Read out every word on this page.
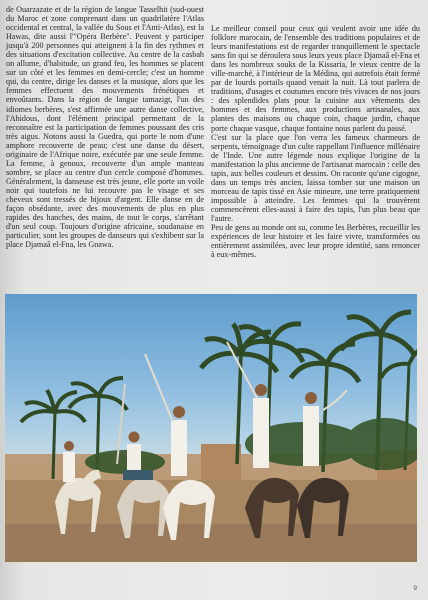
de Ouarzazate et de la région de langue Tasselhit (sud-ouest du Maroc et zone comprenant dans un quadrilatère l'Atlas occidental et central, la vallée du Sous et l'Anti-Atlas), est la Hawas, dite aussi l'"Opéra Berbère". Peuvent y participer jusqu'à 200 personnes qui atteignent à la fin des rythmes et des situations d'excitation collective. Au centre de la casbah on allume, d'habitude, un grand feu, les hommes se placent sur un côté et les femmes en demi-cercle; c'est un homme qui, du centre, dirige les danses et la musique, alors que les femmes effectuent des mouvements frénétiques et envoûtants. Dans la région de langue tamazigt, l'un des idiomes berbères, s'est affirmée une autre danse collective, l'Ahidous, dont l'élément principal permettant de la reconnaître est la participation de femmes poussant des cris très aigus. Notons aussi la Guedra, qui porte le nom d'une amphore recouverte de peau; c'est une danse du désert, originaire de l'Afrique noire, exécutée par une seule femme. La femme, à genoux, recouverte d'un ample manteau sombre, se place au centre d'un cercle composé d'hommes. Généralement, la danseuse est très jeune, elle porte un voile noir qui toutefois ne lui recouvre pas le visage et ses cheveux sont tressés de bijoux d'argent. Elle danse en de façon obsédante, avec des mouvements de plus en plus rapides des hanches, des mains, de tout le corps, s'arrêtant d'un seul coup. Toujours d'origine africaine, soudanaise en particulier, sont les groupes de danseurs qui s'exhibent sur la place Djamaâ el-Fna, les Gnawa.

Le meilleur conseil pour ceux qui veulent avoir une idée du folklore marocain, de l'ensemble des traditions populaires et de leurs manifestations est de regarder tranquillement le spectacle sans fin qui se déroulera sous leurs yeux place Djamaâ el-Fna et dans les nombreux souks de la Kissaria, le vieux centre de la ville-marché, à l'intérieur de la Médina, qui autrefois était fermé par de lourds portails quand venait la nuit. Là tout parlera de traditions, d'usages et coutumes encore très vivaces de nos jours : des splendides plats pour la cuisine aux vêtements des hommes et des femmes, aux productions artisanales, aux plantes des maisons ou chaque coin, chaque jardin, chaque porte chaque vasque, chaque fontaine nous parlent du passé.

C'est sur la place que l'on verra les fameux charmeurs de serpents, témoignage d'un culte rappellant l'influence millénaire de l'Inde. Une autre légende nous explique l'origine de la manifestation la plus ancienne de l'artisanat marocain : celle des tapis, aux belles couleurs et dessins. On raconte qu'une cigogne, dans un temps très ancien, laissa tomber sur une maison un morceau de tapis tissé en Asie mineure, une terre pratiquement impossible à atteindre. Les femmes qui la trouvèrent commencèrent elles-aussi à faire des tapis, l'un plus beau que l'autre.

Peu de gens au monde ont su, comme les Berbères, recueillir les expériences de leur histoire et les faire vivre, transformées ou entièrement assimilées, avec leur propre identité, sans renoncer à eux-mêmes.

9
